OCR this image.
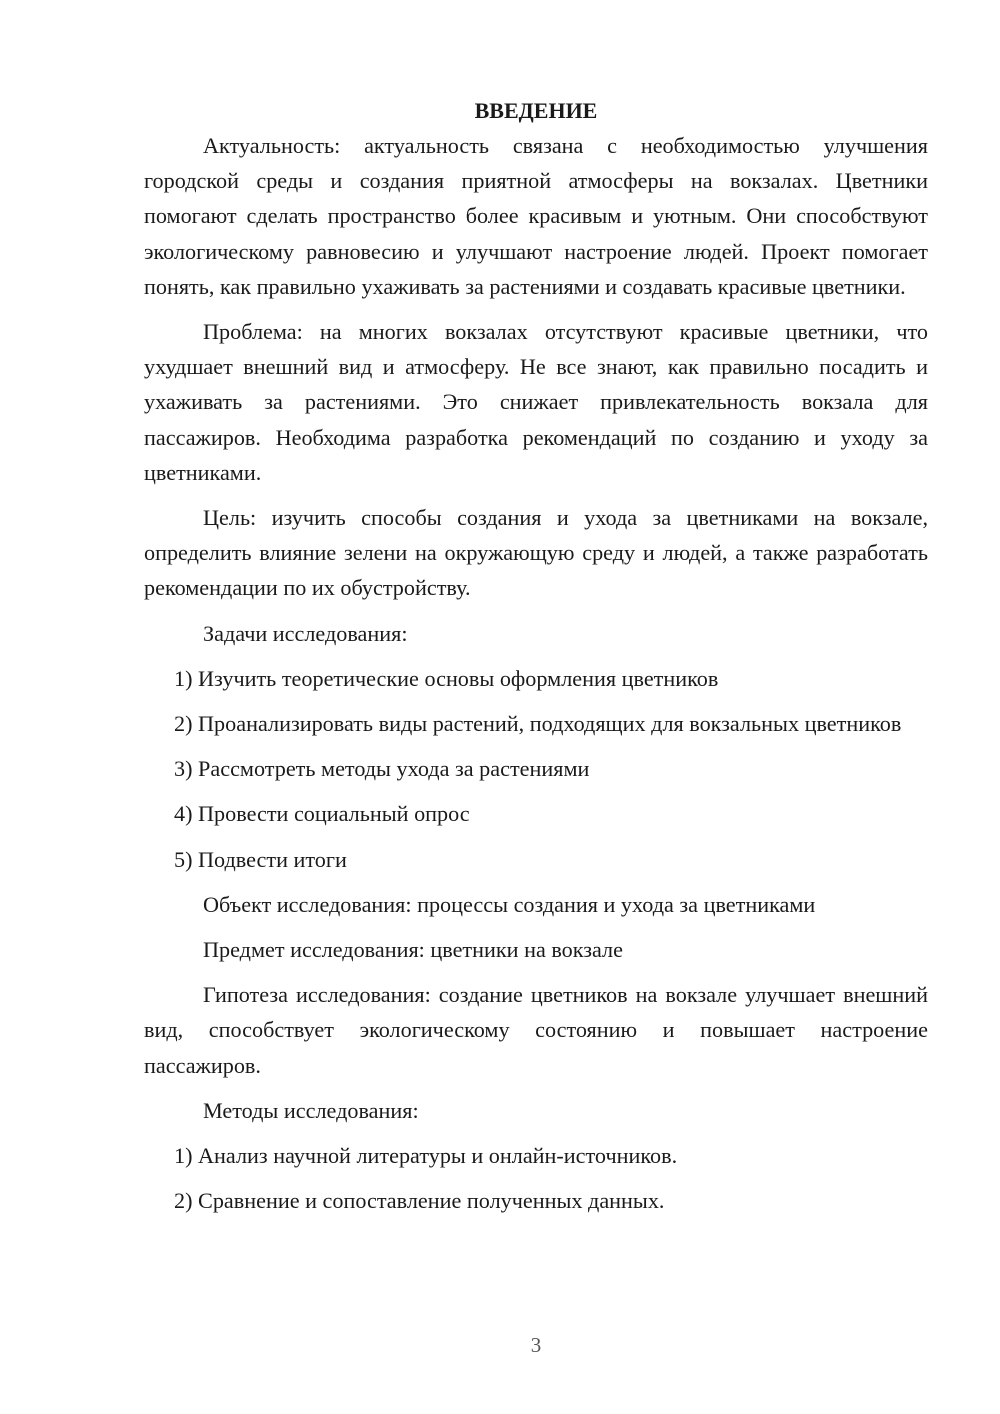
ВВЕДЕНИЕ

Актуальность: актуальность связана с необходимостью улучшения городской среды и создания приятной атмосферы на вокзалах. Цветники помогают сделать пространство более красивым и уютным. Они способствуют экологическому равновесию и улучшают настроение людей. Проект помогает понять, как правильно ухаживать за растениями и создавать красивые цветники.

Проблема: на многих вокзалах отсутствуют красивые цветники, что ухудшает внешний вид и атмосферу. Не все знают, как правильно посадить и ухаживать за растениями. Это снижает привлекательность вокзала для пассажиров. Необходима разработка рекомендаций по созданию и уходу за цветниками.

Цель: изучить способы создания и ухода за цветниками на вокзале, определить влияние зелени на окружающую среду и людей, а также разработать рекомендации по их обустройству.

Задачи исследования:

1) Изучить теоретические основы оформления цветников

2) Проанализировать виды растений, подходящих для вокзальных цветников

3) Рассмотреть методы ухода за растениями

4) Провести социальный опрос

5) Подвести итоги

Объект исследования: процессы создания и ухода за цветниками

Предмет исследования: цветники на вокзале

Гипотеза исследования: создание цветников на вокзале улучшает внешний вид, способствует экологическому состоянию и повышает настроение пассажиров.

Методы исследования:

1) Анализ научной литературы и онлайн-источников.

2) Сравнение и сопоставление полученных данных.

3
